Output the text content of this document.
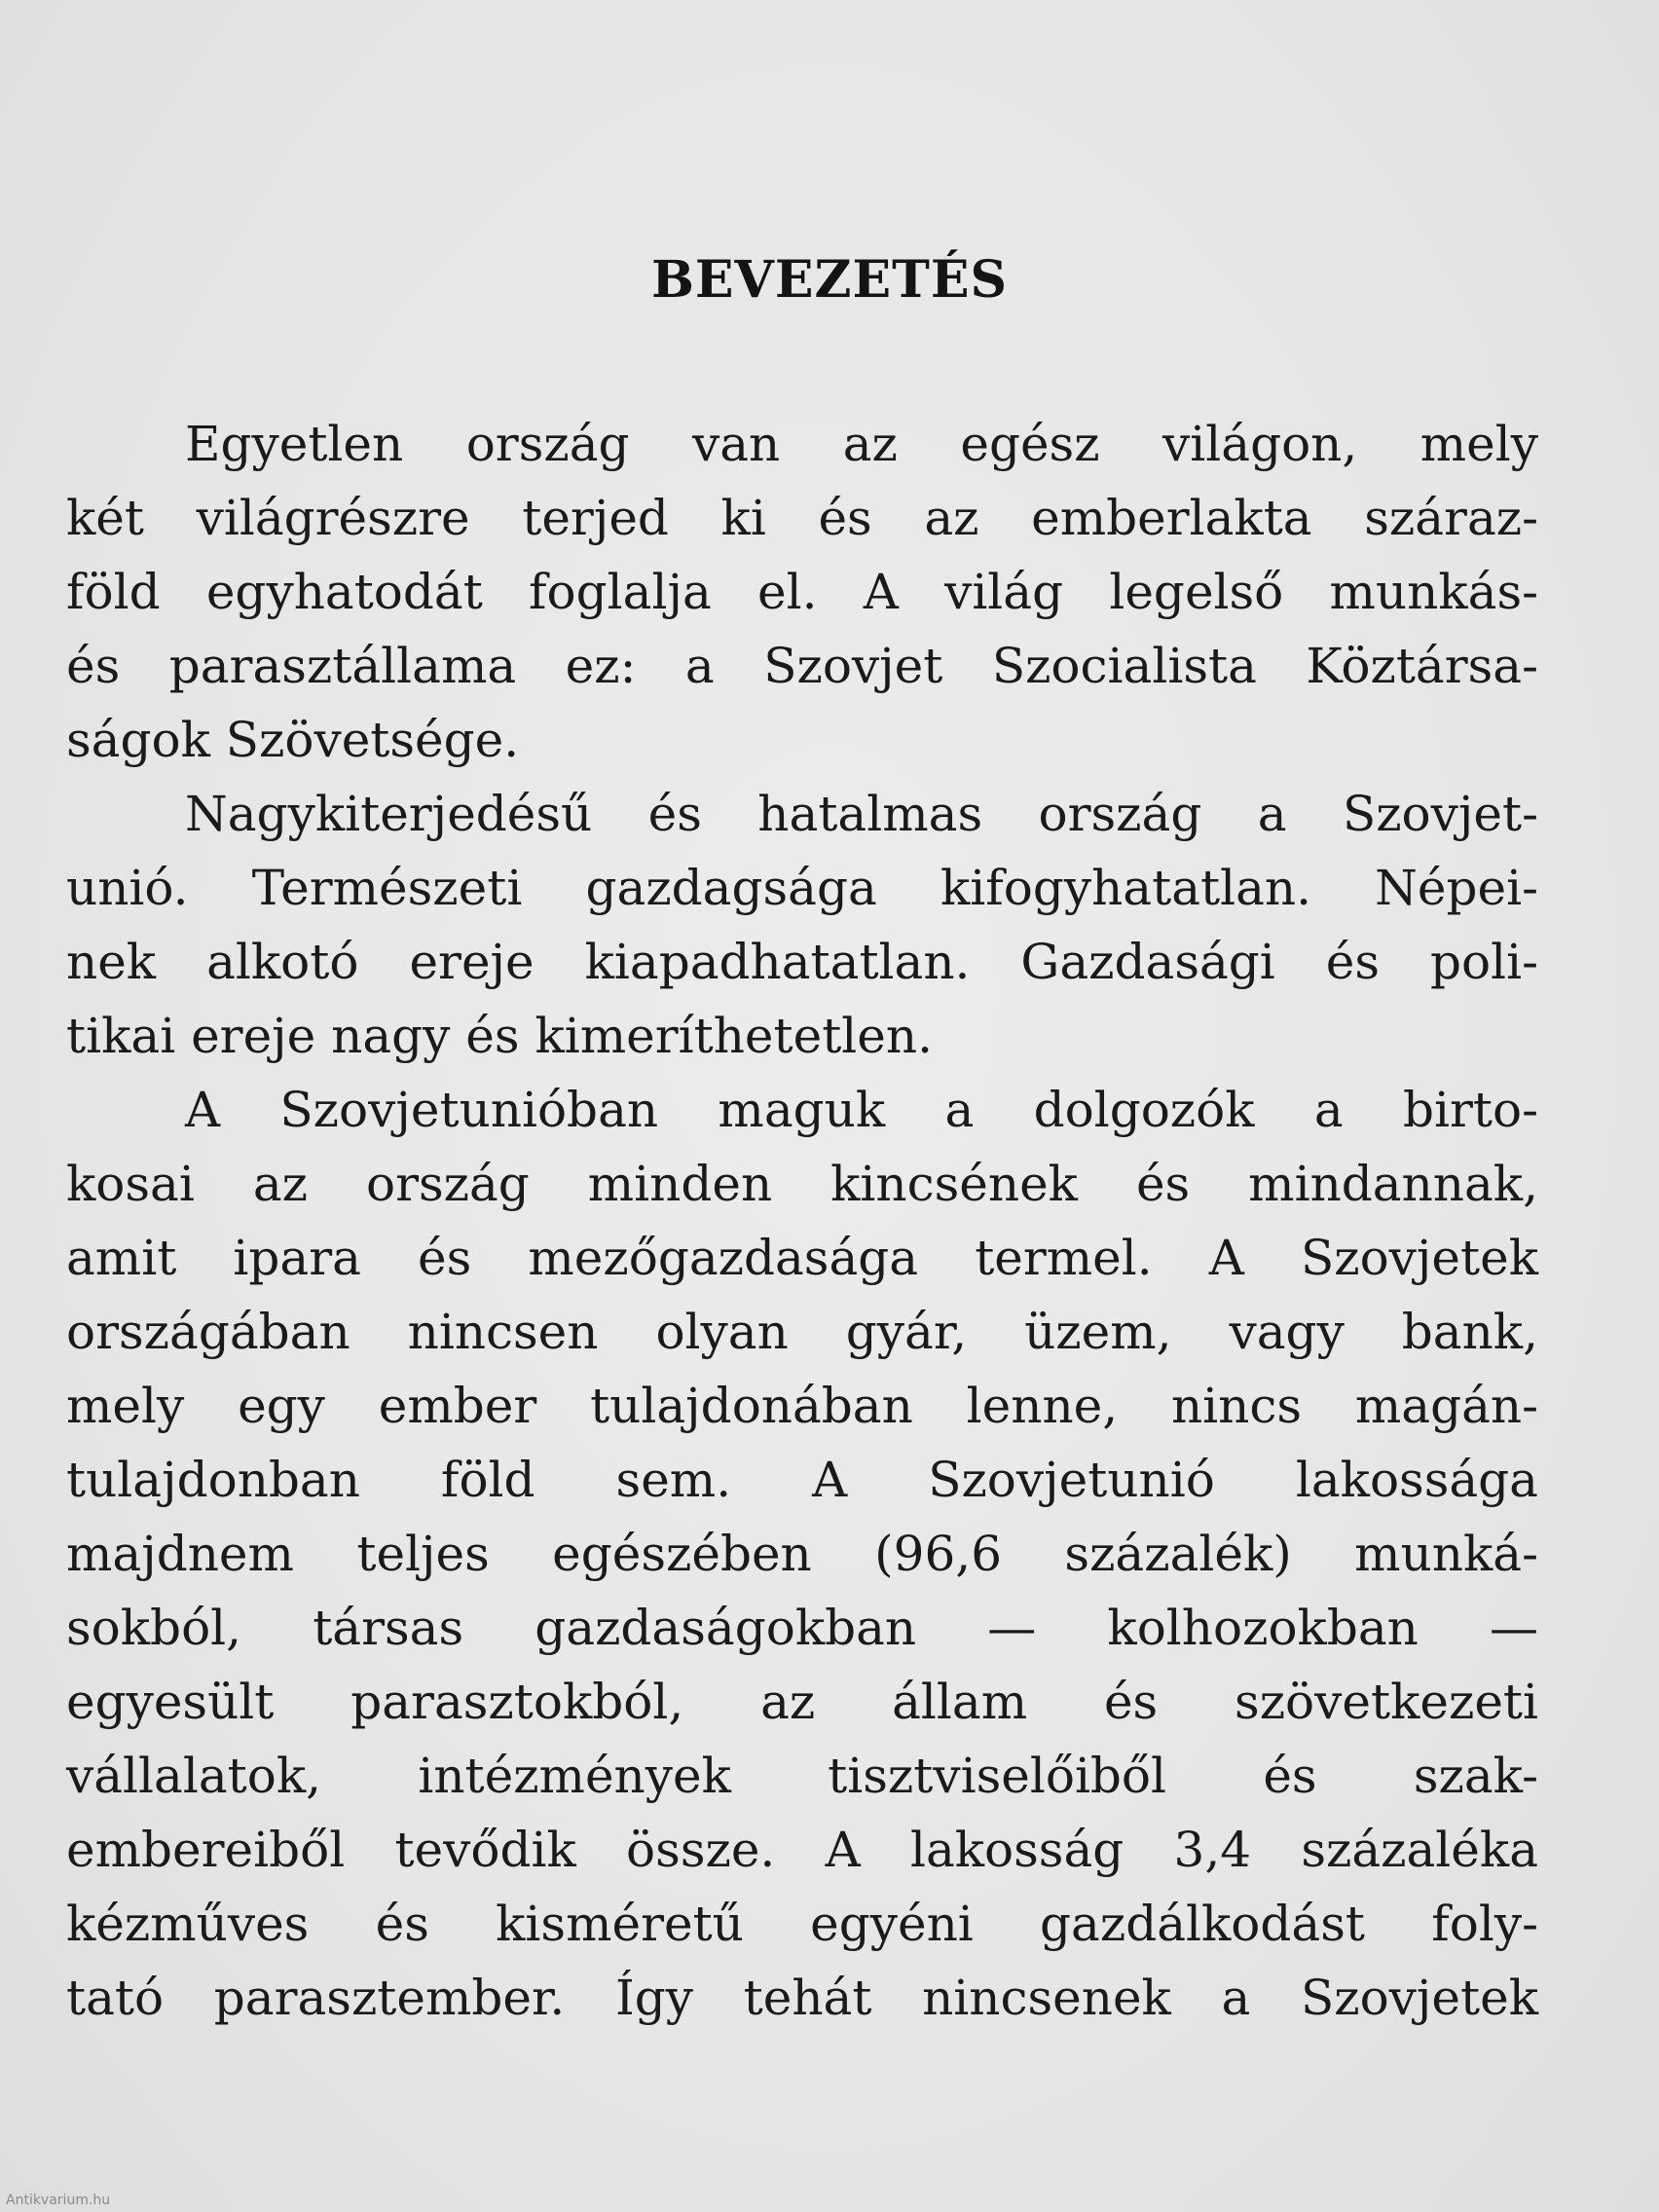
BEVEZETÉS
Egyetlen ország van az egész világon, mely
két világrészre terjed ki és az emberlakta száraz-
föld egyhatodát foglalja el. A világ legelső munkás-
és parasztállama ez: a Szovjet Szocialista Köztársa-
ságok Szövetsége.
Nagykiterjedésű és hatalmas ország a Szovjet-
unió. Természeti gazdagsága kifogyhatatlan. Népei-
nek alkotó ereje kiapadhatatlan. Gazdasági és poli-
tikai ereje nagy és kimeríthetetlen.
A Szovjetunióban maguk a dolgozók a birto-
kosai az ország minden kincsének és mindannak,
amit ipara és mezőgazdasága termel. A Szovjetek
országában nincsen olyan gyár, üzem, vagy bank,
mely egy ember tulajdonában lenne, nincs magán-
tulajdonban föld sem. A Szovjetunió lakossága
majdnem teljes egészében (96,6 százalék) munká-
sokból, társas gazdaságokban — kolhozokban —
egyesült parasztokból, az állam és szövetkezeti
vállalatok, intézmények tisztviselőiből és szak-
embereiből tevődik össze. A lakosság 3,4 százaléka
kézműves és kisméretű egyéni gazdálkodást foly-
tató parasztember. Így tehát nincsenek a Szovjetek
Antikvarium.hu
